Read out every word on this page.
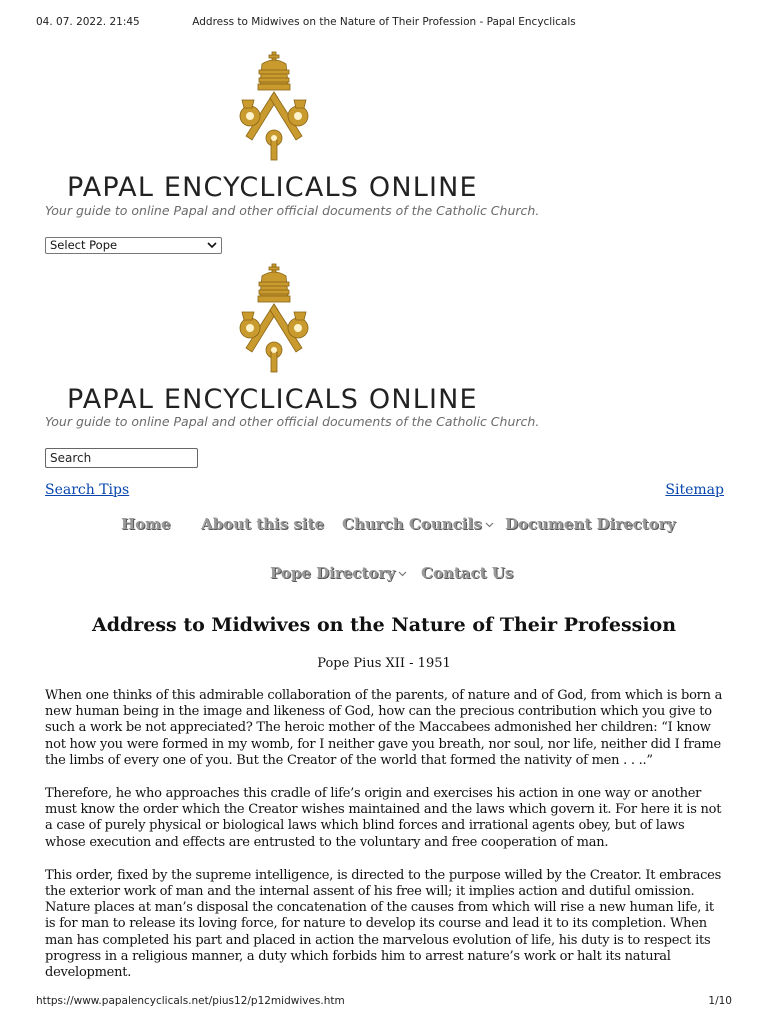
04. 07. 2022. 21:45	Address to Midwives on the Nature of Their Profession - Papal Encyclicals
PAPAL ENCYCLICALS ONLINE
Your guide to online Papal and other official documents of the Catholic Church.
Select Pope
PAPAL ENCYCLICALS ONLINE
Your guide to online Papal and other official documents of the Catholic Church.
Search
Search Tips	Sitemap
Home About this site Church Councils	Document Directory
Pope Directory	Contact Us
Address to Midwives on the Nature of Their Profession
Pope Pius XII - 1951

When one thinks of this admirable collaboration of the parents, of nature and of God, from which is born a new human being in the image and likeness of God, how can the precious contribution which you give to such a work be not appreciated? The heroic mother of the Maccabees admonished her children: “I know not how you were formed in my womb, for I neither gave you breath, nor soul, nor life, neither did I frame the limbs of every one of you. But the Creator of the world that formed the nativity of men . . ..”

Therefore, he who approaches this cradle of life’s origin and exercises his action in one way or another must know the order which the Creator wishes maintained and the laws which govern it. For here it is not a case of purely physical or biological laws which blind forces and irrational agents obey, but of laws whose execution and effects are entrusted to the voluntary and free cooperation of man.

This order, fixed by the supreme intelligence, is directed to the purpose willed by the Creator. It embraces the exterior work of man and the internal assent of his free will; it implies action and dutiful omission. Nature places at man’s disposal the concatenation of the causes from which will rise a new human life, it is for man to release its loving force, for nature to develop its course and lead it to its completion. When man has completed his part and placed in action the marvelous evolution of life, his duty is to respect its progress in a religious manner, a duty which forbids him to arrest nature’s work or halt its natural development.

https://www.papalencyclicals.net/pius12/p12midwives.htm	1/10
